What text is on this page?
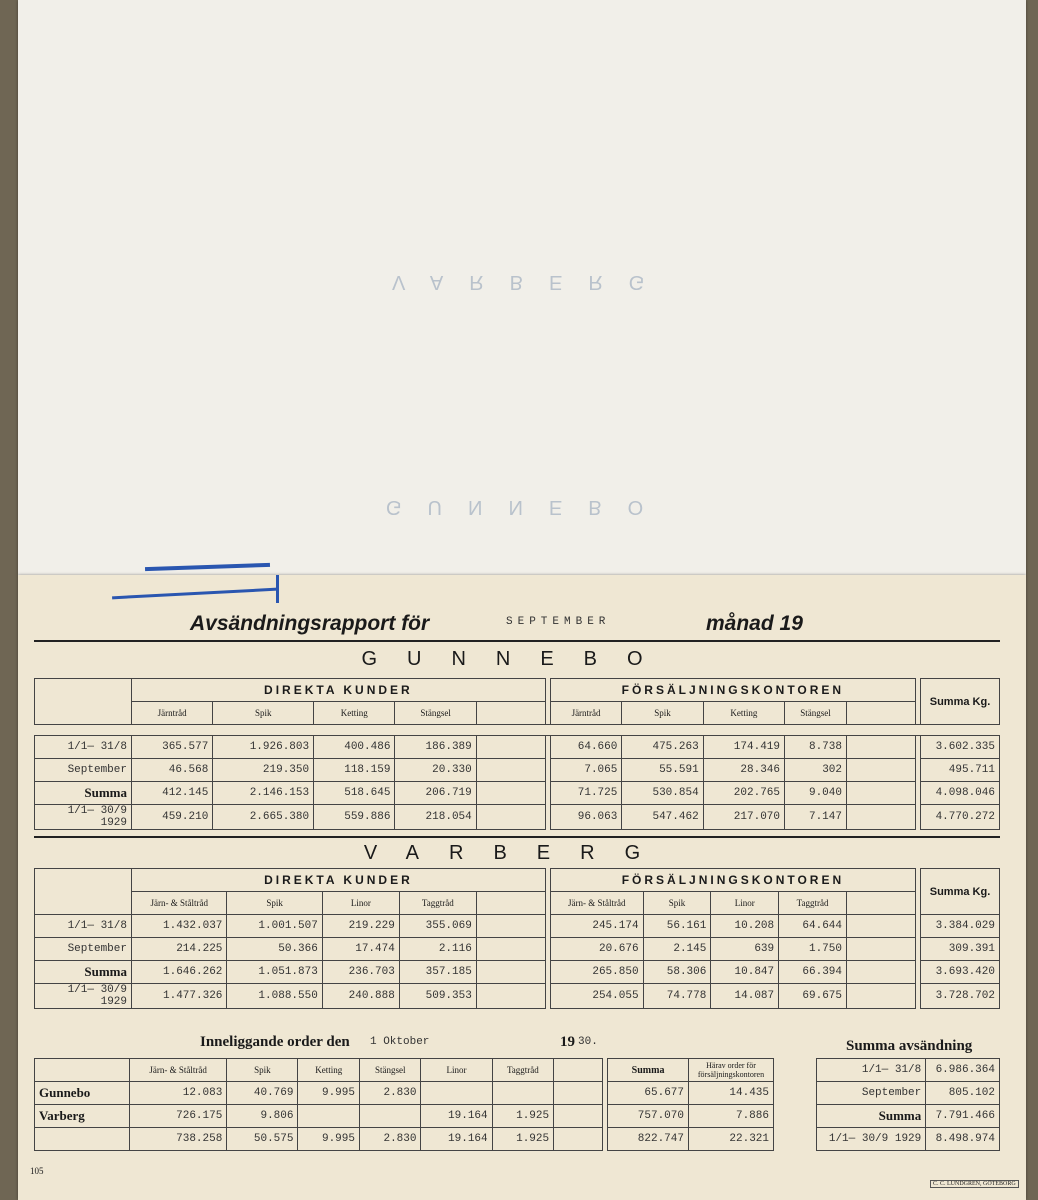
VARBERG
GUNNEBO
Avsändningsrapport för	SEPTEMBER	månad 19
GUNNEBO
	DIREKTA KUNDER						FÖRSÄLJNINGSKONTOREN						Summa Kg.
	Järntråd	Spik	Ketting	Stängsel			Järntråd	Spik	Ketting	Stängsel			

1/1— 31/8	365.577	1.926.803	400.486	186.389			64.660	475.263	174.419	8.738			3.602.335
September	46.568	219.350	118.159	20.330			7.065	55.591	28.346	302			495.711
Summa	412.145	2.146.153	518.645	206.719			71.725	530.854	202.765	9.040			4.098.046
1/1— 30/9 1929	459.210	2.665.380	559.886	218.054			96.063	547.462	217.070	7.147			4.770.272
VARBERG
	DIREKTA KUNDER						FÖRSÄLJNINGSKONTOREN						Summa Kg.
	Järn- & Ståltråd	Spik	Linor	Taggtråd			Järn- & Ståltråd	Spik	Linor	Taggtråd			
1/1— 31/8	1.432.037	1.001.507	219.229	355.069			245.174	56.161	10.208	64.644			3.384.029
September	214.225	50.366	17.474	2.116			20.676	2.145	639	1.750			309.391
Summa	1.646.262	1.051.873	236.703	357.185			265.850	58.306	10.847	66.394			3.693.420
1/1— 30/9 1929	1.477.326	1.088.550	240.888	509.353			254.055	74.778	14.087	69.675			3.728.702
Inneliggande order den 1 Oktober	19 30.
	Järn- & Ståltråd	Spik	Ketting	Stängsel	Linor	Taggtråd			Summa	Härav order för försäljningskontoren
Gunnebo	12.083	40.769	9.995	2.830					65.677	14.435
Varberg	726.175	9.806			19.164	1.925			757.070	7.886
	738.258	50.575	9.995	2.830	19.164	1.925			822.747	22.321
Summa avsändning
1/1— 31/8	6.986.364
September	805.102
Summa	7.791.466
1/1— 30/9 1929	8.498.974
105
C. C. LUNDGREN, GÖTEBORG
